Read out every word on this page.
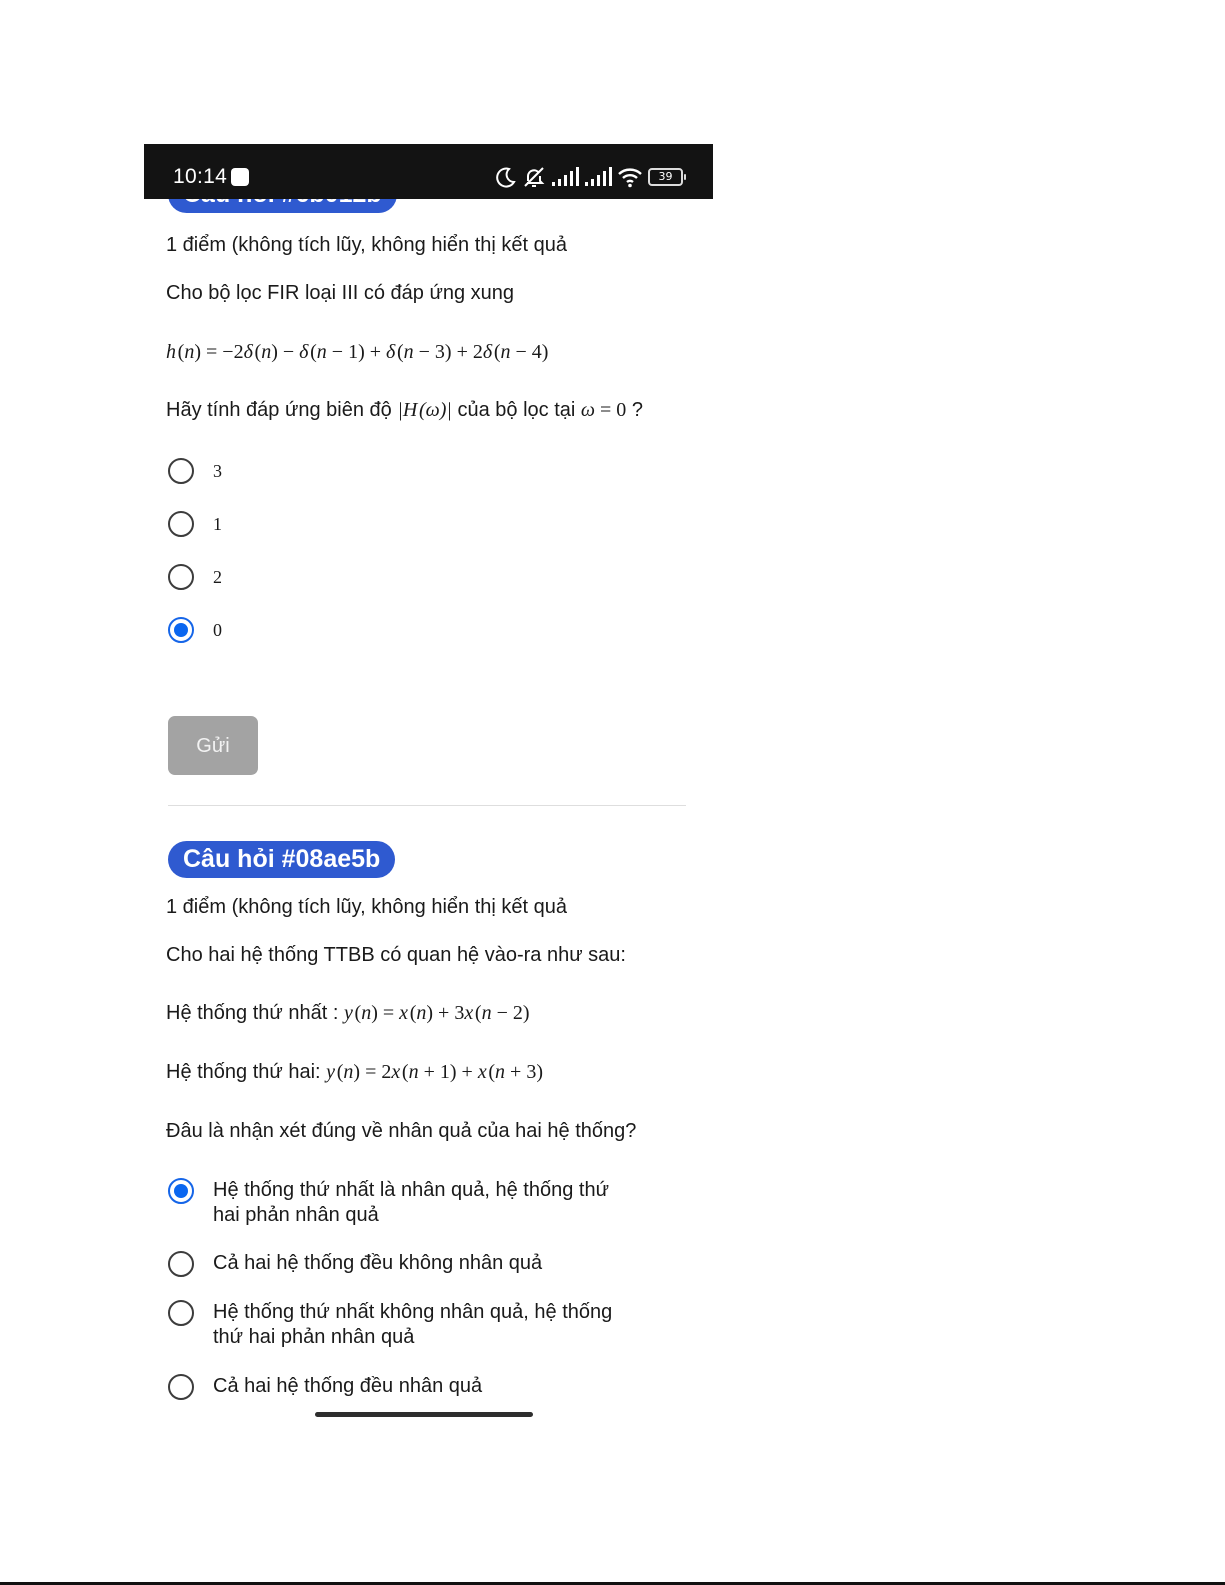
1 điểm (không tích lũy, không hiển thị kết quả
Cho bộ lọc FIR loại III có đáp ứng xung
h (n) = −2δ (n) − δ (n − 1) + δ (n − 3) + 2δ (n − 4)
Hãy tính đáp ứng biên độ |H (ω)| của bộ lọc tại ω = 0 ?
3
1
2
0
Gửi
Câu hỏi #08ae5b
1 điểm (không tích lũy, không hiển thị kết quả
Cho hai hệ thống TTBB có quan hệ vào-ra như sau:
Hệ thống thứ nhất : y (n) = x (n) + 3x (n − 2)
Hệ thống thứ hai: y (n) = 2x (n + 1) + x (n + 3)
Đâu là nhận xét đúng về nhân quả của hai hệ thống?
Hệ thống thứ nhất là nhân quả, hệ thống thứ
hai phản nhân quả
Cả hai hệ thống đều không nhân quả
Hệ thống thứ nhất không nhân quả, hệ thống
thứ hai phản nhân quả
Cả hai hệ thống đều nhân quả
10:14	39
